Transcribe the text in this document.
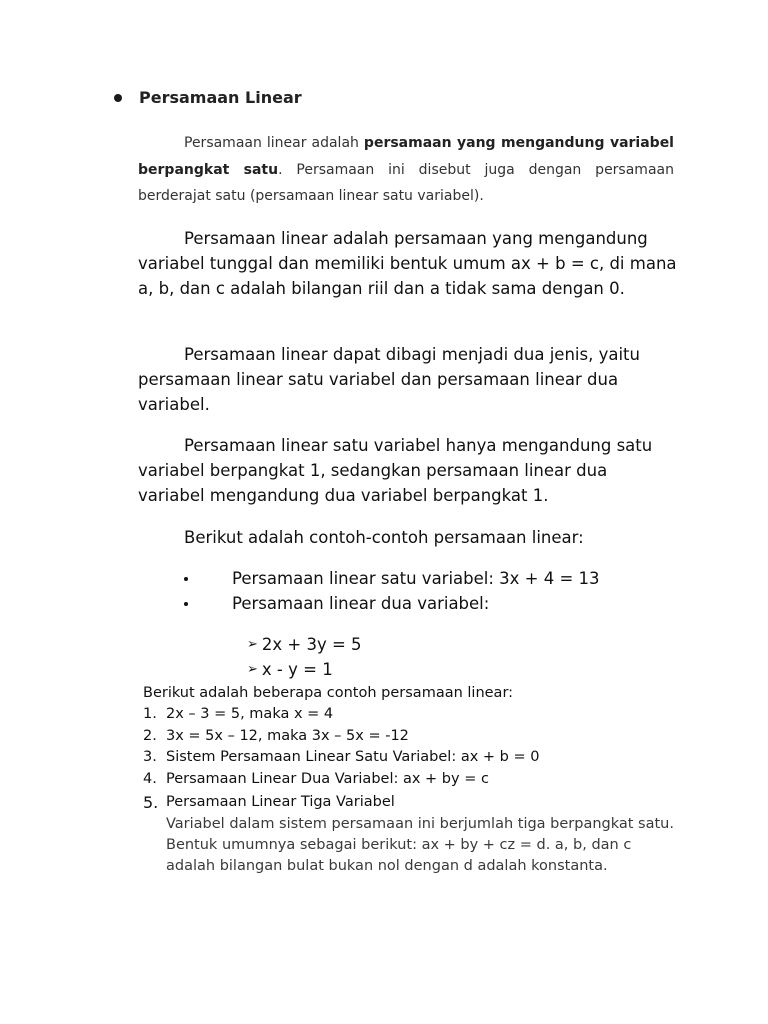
Persamaan Linear
Persamaan linear adalah persamaan yang mengandung variabel berpangkat satu. Persamaan ini disebut juga dengan persamaan berderajat satu (persamaan linear satu variabel).
Persamaan linear adalah persamaan yang mengandung variabel tunggal dan memiliki bentuk umum ax + b = c, di mana a, b, dan c adalah bilangan riil dan a tidak sama dengan 0.
Persamaan linear dapat dibagi menjadi dua jenis, yaitu persamaan linear satu variabel dan persamaan linear dua variabel.
Persamaan linear satu variabel hanya mengandung satu variabel berpangkat 1, sedangkan persamaan linear dua variabel mengandung dua variabel berpangkat 1.
Berikut adalah contoh-contoh persamaan linear:
Persamaan linear satu variabel: 3x + 4 = 13
Persamaan linear dua variabel:
➢ 2x + 3y = 5
➢ x - y = 1
Berikut adalah beberapa contoh persamaan linear:
1. 2x – 3 = 5, maka x = 4
2. 3x = 5x – 12, maka 3x – 5x = -12
3. Sistem Persamaan Linear Satu Variabel: ax + b = 0
4. Persamaan Linear Dua Variabel: ax + by = c
5. Persamaan Linear Tiga Variabel
Variabel dalam sistem persamaan ini berjumlah tiga berpangkat satu. Bentuk umumnya sebagai berikut: ax + by + cz = d. a, b, dan c adalah bilangan bulat bukan nol dengan d adalah konstanta.
